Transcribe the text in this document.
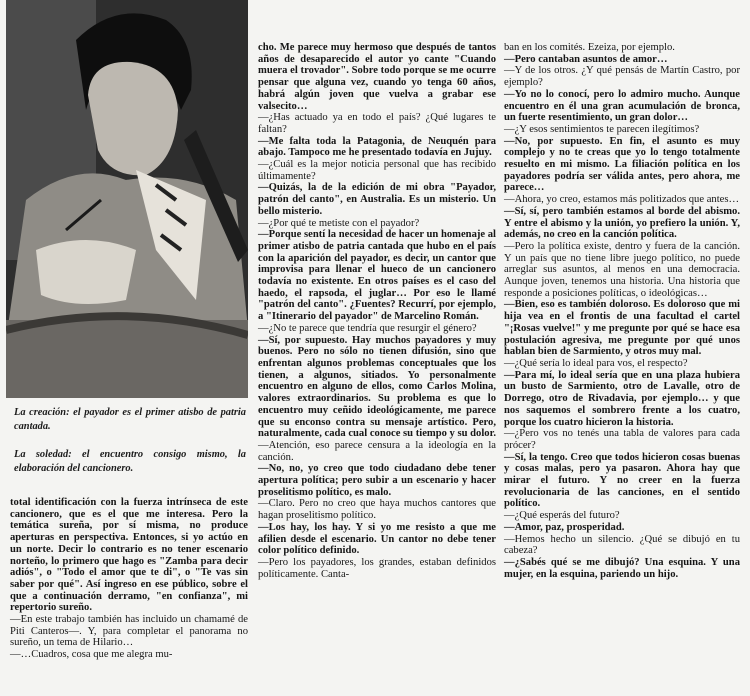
La creación: el payador es el primer atisbo de patria cantada.
La soledad: el encuentro consigo mismo, la elaboración del cancionero.

total identificación con la fuerza intrínseca de este cancionero, que es el que me interesa. Pero la temática sureña, por sí misma, no produce aperturas en perspectiva. Entonces, si yo actúo en un norte. Decir lo contrario es no tener escenario norteño, lo primero que hago es "Zamba para decir adiós", o "Todo el amor que te di", o "Te vas sin saber por qué". Así ingreso en ese público, sobre el que a continuación derramo, "en confianza", mi repertorio sureño.

—En este trabajo también has incluido un chamamé de Piti Canteros—. Y, para completar el panorama no sureño, un tema de Hilario…

—…Cuadros, cosa que me alegra mu-

cho. Me parece muy hermoso que después de tantos años de desaparecido el autor yo cante "Cuando muera el trovador". Sobre todo porque se me ocurre pensar que alguna vez, cuando yo tenga 60 años, habrá algún joven que vuelva a grabar ese valsecito…

—¿Has actuado ya en todo el país? ¿Qué lugares te faltan?

—Me falta toda la Patagonia, de Neuquén para abajo. Tampoco me he presentado todavía en Jujuy.

—¿Cuál es la mejor noticia personal que has recibido últimamente?

—Quizás, la de la edición de mi obra "Payador, patrón del canto", en Australia. Es un misterio. Un bello misterio.

—¿Por qué te metiste con el payador?

—Porque sentí la necesidad de hacer un homenaje al primer atisbo de patria cantada que hubo en el país con la aparición del payador, es decir, un cantor que improvisa para llenar el hueco de un cancionero todavía no existente. En otros países es el caso del haedo, el rapsoda, el juglar… Por eso le llamé "patrón del canto". ¿Fuentes? Recurrí, por ejemplo, a "Itinerario del payador" de Marcelino Román.

—¿No te parece que tendría que resurgir el género?

—Sí, por supuesto. Hay muchos payadores y muy buenos. Pero no sólo no tienen difusión, sino que enfrentan algunos problemas conceptuales que los tienen, a algunos, sitiados. Yo personalmente encuentro en alguno de ellos, como Carlos Molina, valores extraordinarios. Su problema es que lo encuentro muy ceñido ideológicamente, me parece que su enconso contra su mensaje artístico. Pero, naturalmente, cada cual conoce su tiempo y su dolor.

—Atención, eso parece censura a la ideología en la canción.

—No, no, yo creo que todo ciudadano debe tener apertura política; pero subir a un escenario y hacer proselitismo político, es malo.

—Claro. Pero no creo que haya muchos cantores que hagan proselitismo político.

—Los hay, los hay. Y si yo me resisto a que me afilien desde el escenario. Un cantor no debe tener color político definido.

—Pero los payadores, los grandes, estaban definidos políticamente. Canta-

ban en los comités. Ezeiza, por ejemplo.

—Pero cantaban asuntos de amor…

—Y de los otros. ¿Y qué pensás de Martín Castro, por ejemplo?

—Yo no lo conocí, pero lo admiro mucho. Aunque encuentro en él una gran acumulación de bronca, un fuerte resentimiento, un gran dolor…

—¿Y esos sentimientos te parecen ilegítimos?

—No, por supuesto. En fin, el asunto es muy complejo y no te creas que yo lo tengo totalmente resuelto en mi mismo. La filiación política en los payadores podría ser válida antes, pero ahora, me parece…

—Ahora, yo creo, estamos más politizados que antes…

—Sí, sí, pero también estamos al borde del abismo. Y entre el abismo y la unión, yo prefiero la unión. Y, además, no creo en la canción política.

—Pero la política existe, dentro y fuera de la canción. Y un país que no tiene libre juego político, no puede arreglar sus asuntos, al menos en una democracia. Aunque joven, tenemos una historia. Una historia que responde a posiciones políticas, o ideológicas…

—Bien, eso es también doloroso. Es doloroso que mi hija vea en el frontis de una facultad el cartel "¡Rosas vuelve!" y me pregunte por qué se hace esa postulación agresiva, me pregunte por qué unos hablan bien de Sarmiento, y otros muy mal.

—¿Qué sería lo ideal para vos, el respecto?

—Para mí, lo ideal sería que en una plaza hubiera un busto de Sarmiento, otro de Lavalle, otro de Dorrego, otro de Rivadavia, por ejemplo… y que nos saquemos el sombrero frente a los cuatro, porque los cuatro hicieron la historia.

—¿Pero vos no tenés una tabla de valores para cada prócer?

—Sí, la tengo. Creo que todos hicieron cosas buenas y cosas malas, pero ya pasaron. Ahora hay que mirar el futuro. Y no creer en la fuerza revolucionaria de las canciones, en el sentido político.

—¿Qué esperás del futuro?

—Amor, paz, prosperidad.

—Hemos hecho un silencio. ¿Qué se dibujó en tu cabeza?

—¿Sabés qué se me dibujó? Una esquina. Y una mujer, en la esquina, pariendo un hijo.
